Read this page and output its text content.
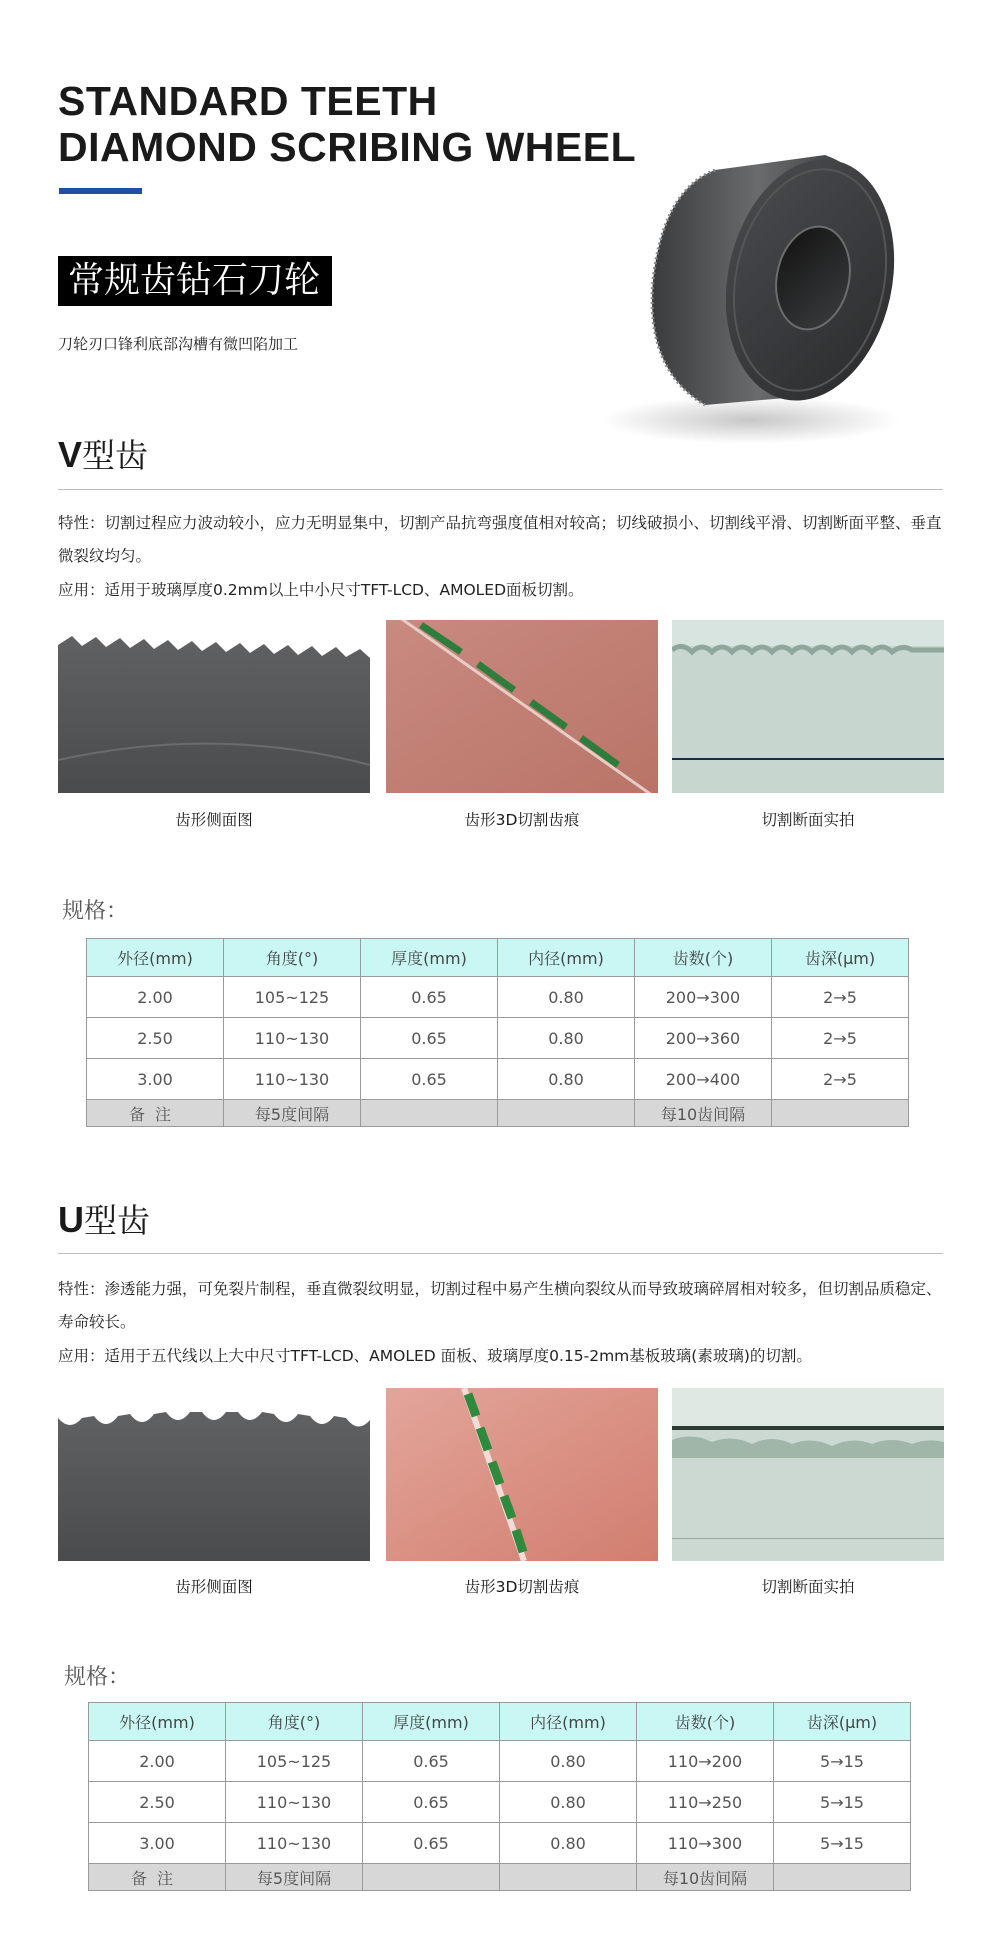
STANDARD TEETH
DIAMOND SCRIBING WHEEL
常规齿钻石刀轮
刀轮刃口锋利底部沟槽有微凹陷加工
V型齿
特性：切割过程应力波动较小，应力无明显集中，切割产品抗弯强度值相对较高；切线破损小、切割线平滑、切割断面平整、垂直微裂纹均匀。
应用：适用于玻璃厚度0.2mm以上中小尺寸TFT-LCD、AMOLED面板切割。
齿形侧面图	齿形3D切割齿痕	切割断面实拍
规格：
外径(mm)	角度(°)	厚度(mm)	内径(mm)	齿数(个)	齿深(μm)
2.00	105~125	0.65	0.80	200→300	2→5
2.50	110~130	0.65	0.80	200→360	2→5
3.00	110~130	0.65	0.80	200→400	2→5
备注	每5度间隔			每10齿间隔	
U型齿
特性：渗透能力强，可免裂片制程，垂直微裂纹明显，切割过程中易产生横向裂纹从而导致玻璃碎屑相对较多，但切割品质稳定、寿命较长。
应用：适用于五代线以上大中尺寸TFT-LCD、AMOLED 面板、玻璃厚度0.15-2mm基板玻璃(素玻璃)的切割。
齿形侧面图	齿形3D切割齿痕	切割断面实拍
规格：
外径(mm)	角度(°)	厚度(mm)	内径(mm)	齿数(个)	齿深(μm)
2.00	105~125	0.65	0.80	110→200	5→15
2.50	110~130	0.65	0.80	110→250	5→15
3.00	110~130	0.65	0.80	110→300	5→15
备注	每5度间隔			每10齿间隔	
